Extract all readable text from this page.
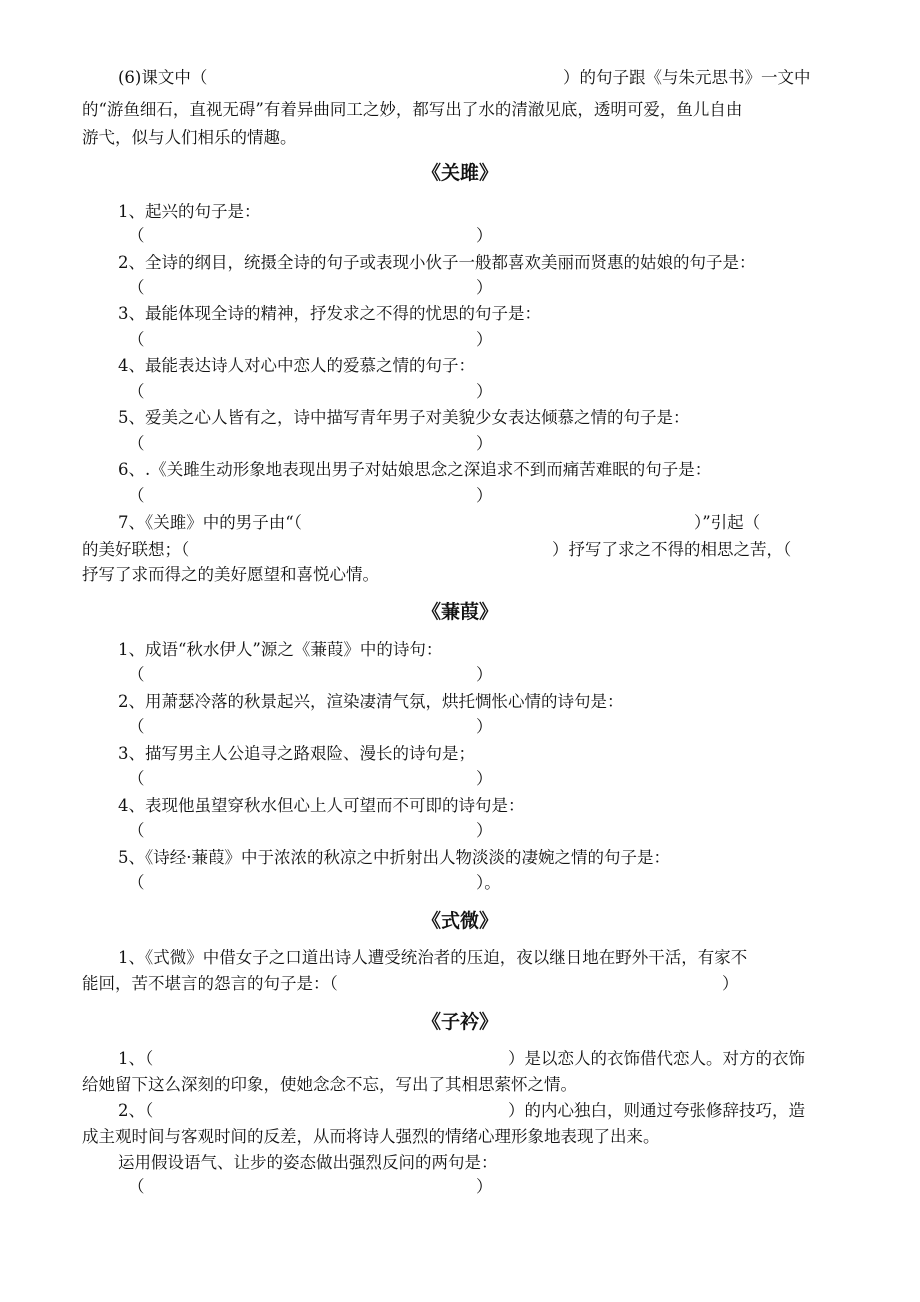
(6)课文中（	）的句子跟《与朱元思书》一文中
的“游鱼细石，直视无碍”有着异曲同工之妙，都写出了水的清澈见底，透明可爱，鱼儿自由
游弋，似与人们相乐的情趣。
《关雎》
1、起兴的句子是：
（	）
2、全诗的纲目，统摄全诗的句子或表现小伙子一般都喜欢美丽而贤惠的姑娘的句子是：
（	）
3、最能体现全诗的精神，抒发求之不得的忧思的句子是：
（	）
4、最能表达诗人对心中恋人的爱慕之情的句子：
（	）
5、爱美之心人皆有之，诗中描写青年男子对美貌少女表达倾慕之情的句子是：
（	）
6、.《关雎生动形象地表现出男子对姑娘思念之深追求不到而痛苦难眠的句子是：
（	）
7、《关雎》中的男子由“（	）”引起（
的美好联想；（	）抒写了求之不得的相思之苦，（
抒写了求而得之的美好愿望和喜悦心情。
《蒹葭》
1、成语“秋水伊人”源之《蒹葭》中的诗句：
（	）
2、用萧瑟冷落的秋景起兴，渲染凄清气氛，烘托惆怅心情的诗句是：
（	）
3、描写男主人公追寻之路艰险、漫长的诗句是；
（	）
4、表现他虽望穿秋水但心上人可望而不可即的诗句是：
（	）
5、《诗经·蒹葭》中于浓浓的秋凉之中折射出人物淡淡的凄婉之情的句子是：
（	）。
《式微》
1、《式微》中借女子之口道出诗人遭受统治者的压迫，夜以继日地在野外干活，有家不
能回，苦不堪言的怨言的句子是：（	）
《子衿》
1、（	）是以恋人的衣饰借代恋人。对方的衣饰
给她留下这么深刻的印象，使她念念不忘，写出了其相思萦怀之情。
2、（	）的内心独白，则通过夸张修辞技巧，造
成主观时间与客观时间的反差，从而将诗人强烈的情绪心理形象地表现了出来。
运用假设语气、让步的姿态做出强烈反问的两句是：
（	）
